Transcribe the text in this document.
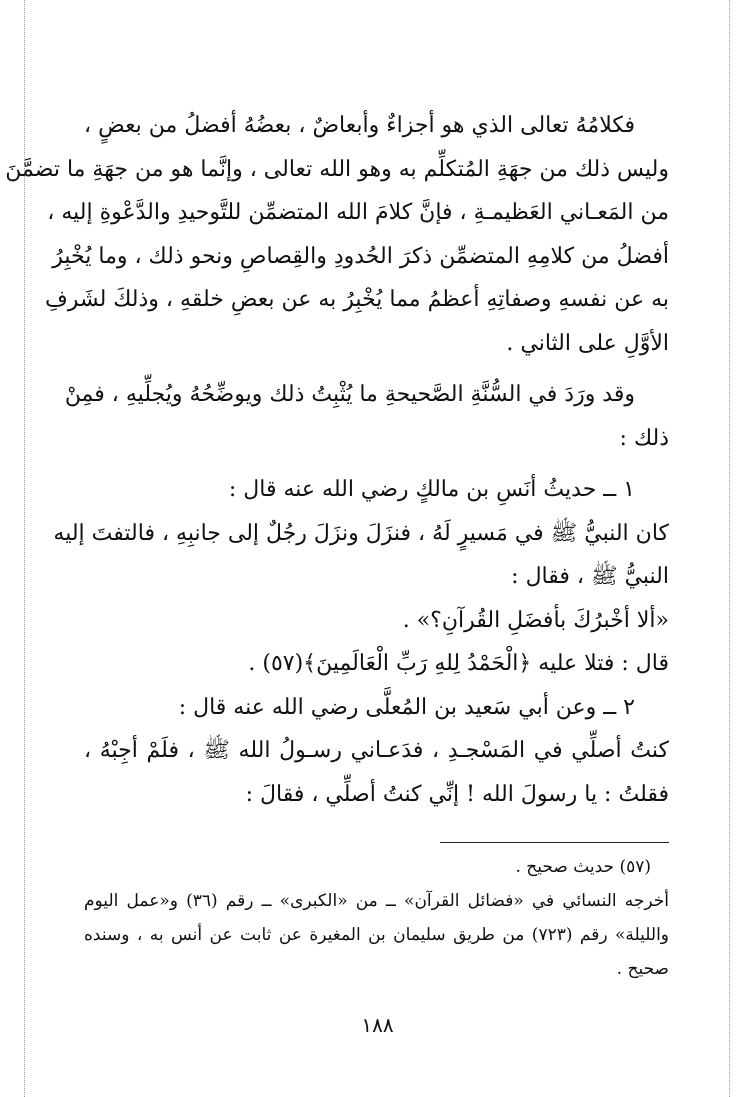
فكلامُهُ تعالى الذي هو أجزاءٌ وأبعاضٌ ، بعضُهُ أفضلُ من بعضٍ ،
وليس ذلك من جهَةِ المُتكلِّم به وهو الله تعالى ، وإنَّما هو من جهَةِ ما تضمَّنَ
من المَعـاني العَظيمـةِ ، فإنَّ كلامَ الله المتضمِّن للتَّوحيدِ والدَّعْوةِ إليه ،
أفضلُ من كلامِهِ المتضمِّن ذكرَ الحُدودِ والقِصاصِ ونحو ذلك ، وما يُخْبِرُ
به عن نفسهِ وصفاتِهِ أعظمُ مما يُخْبِرُ به عن بعضِ خلقهِ ، وذلكَ لشَرفِ
الأوَّلِ على الثاني .

وقد ورَدَ في السُّنَّةِ الصَّحيحةِ ما يُثْبِتُ ذلك ويوضِّحُهُ ويُجلِّيهِ ، فمِنْ
ذلك :

١ ــ حديثُ أنَسِ بن مالكٍ رضي الله عنه قال :

كان النبيُّ ﷺ في مَسيرٍ لَهُ ، فنزَلَ ونزَلَ رجُلٌ إلى جانبِهِ ، فالتفتَ إليه
النبيُّ ﷺ ، فقال :

«ألا أخْبرُكَ بأفضَلِ القُرآنِ؟» .

قال : فتلا عليه ﴿الْحَمْدُ لِلهِ رَبِّ الْعَالَمِينَ﴾(٥٧) .

٢ ــ وعن أبي سَعيد بن المُعلَّى رضي الله عنه قال :

كنتُ أصلِّي في المَسْجـدِ ، فدَعـاني رسـولُ الله ﷺ ، فلَمْ أجِبْهُ ،
فقلتُ : يا رسولَ الله ! إنِّي كنتُ أصلِّي ، فقالَ :

(٥٧) حديث صحيح .
أخرجه النسائي في «فضائل القرآن» ــ من «الكبرى» ــ رقم (٣٦) و«عمل اليوم
والليلة» رقم (٧٢٣) من طريق سليمان بن المغيرة عن ثابت عن أنس به ، وسنده
صحيح .
١٨٨
